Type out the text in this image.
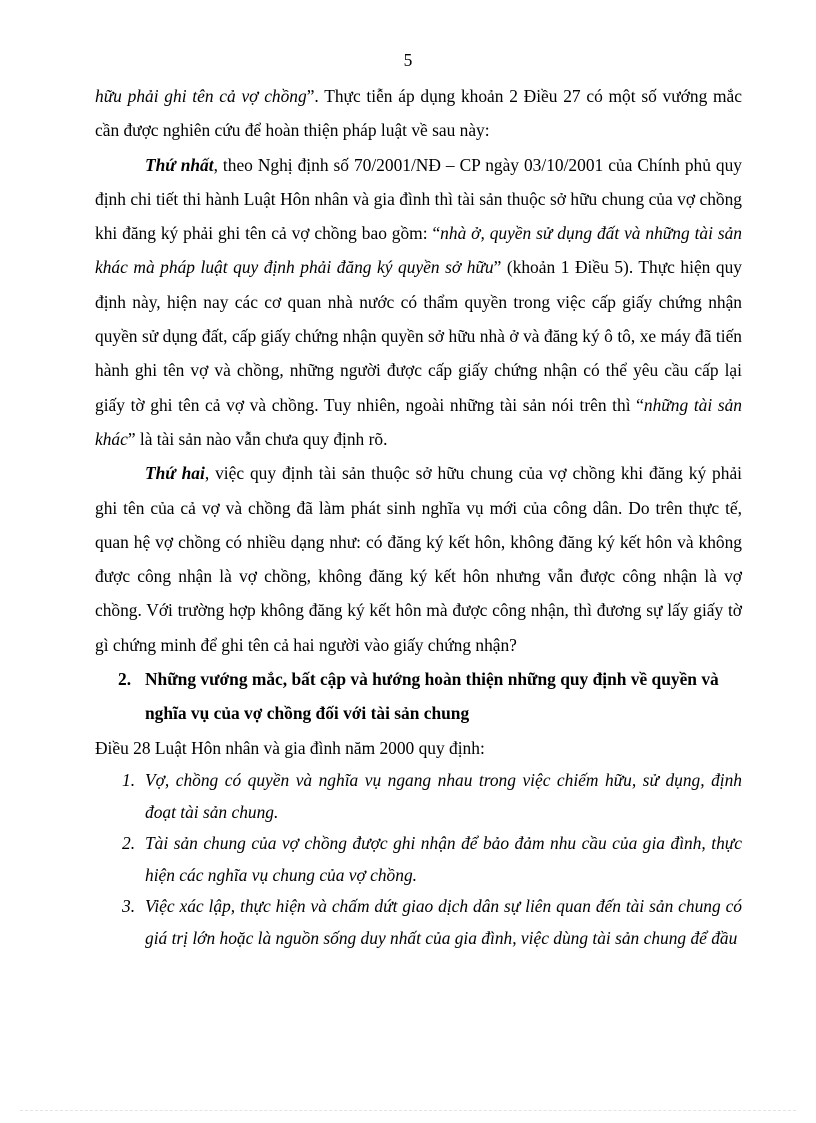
5

hữu phải ghi tên cả vợ chồng”. Thực tiễn áp dụng khoản 2 Điều 27 có một số vướng mắc cần được nghiên cứu để hoàn thiện pháp luật về sau này:

Thứ nhất, theo Nghị định số 70/2001/NĐ – CP ngày 03/10/2001 của Chính phủ quy định chi tiết thi hành Luật Hôn nhân và gia đình thì tài sản thuộc sở hữu chung của vợ chồng khi đăng ký phải ghi tên cả vợ chồng bao gồm: “nhà ở, quyền sử dụng đất và những tài sản khác mà pháp luật quy định phải đăng ký quyền sở hữu” (khoản 1 Điều 5). Thực hiện quy định này, hiện nay các cơ quan nhà nước có thẩm quyền trong việc cấp giấy chứng nhận quyền sử dụng đất, cấp giấy chứng nhận quyền sở hữu nhà ở và đăng ký ô tô, xe máy đã tiến hành ghi tên vợ và chồng, những người được cấp giấy chứng nhận có thể yêu cầu cấp lại giấy tờ ghi tên cả vợ và chồng. Tuy nhiên, ngoài những tài sản nói trên thì “những tài sản khác” là tài sản nào vẫn chưa quy định rõ.

Thứ hai, việc quy định tài sản thuộc sở hữu chung của vợ chồng khi đăng ký phải ghi tên của cả vợ và chồng đã làm phát sinh nghĩa vụ mới của công dân. Do trên thực tế, quan hệ vợ chồng có nhiều dạng như: có đăng ký kết hôn, không đăng ký kết hôn và không được công nhận là vợ chồng, không đăng ký kết hôn nhưng vẫn được công nhận là vợ chồng. Với trường hợp không đăng ký kết hôn mà được công nhận, thì đương sự lấy giấy tờ gì chứng minh để ghi tên cả hai người vào giấy chứng nhận?

2. Những vướng mắc, bất cập và hướng hoàn thiện những quy định về quyền và nghĩa vụ của vợ chồng đối với tài sản chung

Điều 28 Luật Hôn nhân và gia đình năm 2000 quy định:

1. Vợ, chồng có quyền và nghĩa vụ ngang nhau trong việc chiếm hữu, sử dụng, định đoạt tài sản chung.
2. Tài sản chung của vợ chồng được ghi nhận để bảo đảm nhu cầu của gia đình, thực hiện các nghĩa vụ chung của vợ chồng.
3. Việc xác lập, thực hiện và chấm dứt giao dịch dân sự liên quan đến tài sản chung có giá trị lớn hoặc là nguồn sống duy nhất của gia đình, việc dùng tài sản chung để đầu
